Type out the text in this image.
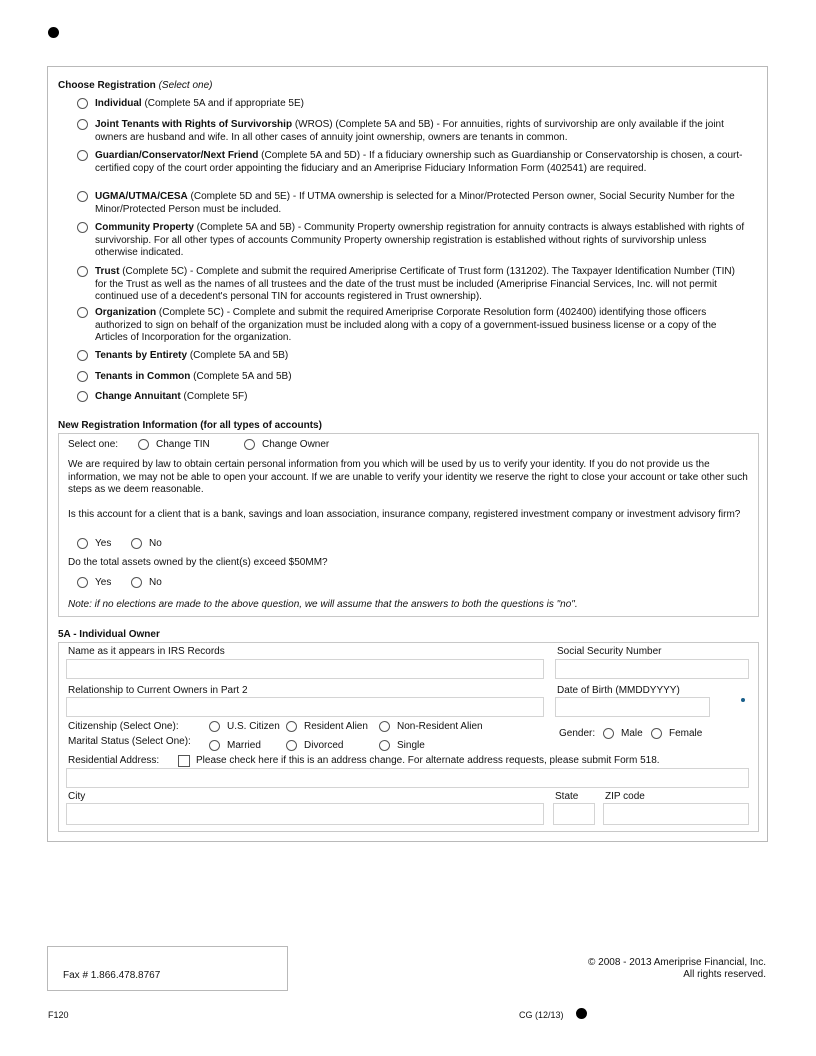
Choose Registration (Select one)
Individual (Complete 5A and if appropriate 5E)
Joint Tenants with Rights of Survivorship (WROS) (Complete 5A and 5B) - For annuities, rights of survivorship are only available if the joint owners are husband and wife. In all other cases of annuity joint ownership, owners are tenants in common.
Guardian/Conservator/Next Friend (Complete 5A and 5D) - If a fiduciary ownership such as Guardianship or Conservatorship is chosen, a court-certified copy of the court order appointing the fiduciary and an Ameriprise Fiduciary Information Form (402541) are required.
UGMA/UTMA/CESA (Complete 5D and 5E) - If UTMA ownership is selected for a Minor/Protected Person owner, Social Security Number for the Minor/Protected Person must be included.
Community Property (Complete 5A and 5B) - Community Property ownership registration for annuity contracts is always established with rights of survivorship. For all other types of accounts Community Property ownership registration is established without rights of survivorship unless otherwise indicated.
Trust (Complete 5C) - Complete and submit the required Ameriprise Certificate of Trust form (131202). The Taxpayer Identification Number (TIN) for the Trust as well as the names of all trustees and the date of the trust must be included (Ameriprise Financial Services, Inc. will not permit continued use of a decedent's personal TIN for accounts registered in Trust ownership).
Organization (Complete 5C) - Complete and submit the required Ameriprise Corporate Resolution form (402400) identifying those officers authorized to sign on behalf of the organization must be included along with a copy of a government-issued business license or a copy of the Articles of Incorporation for the organization.
Tenants by Entirety (Complete 5A and 5B)
Tenants in Common (Complete 5A and 5B)
Change Annuitant (Complete 5F)
New Registration Information (for all types of accounts)
Select one:	Change TIN	Change Owner
We are required by law to obtain certain personal information from you which will be used by us to verify your identity. If you do not provide us the information, we may not be able to open your account. If we are unable to verify your identity we reserve the right to close your account or take other such steps as we deem reasonable.
Is this account for a client that is a bank, savings and loan association, insurance company, registered investment company or investment advisory firm?
Yes	No
Do the total assets owned by the client(s) exceed $50MM?
Yes	No
Note: if no elections are made to the above question, we will assume that the answers to both the questions is "no".
5A - Individual Owner
Name as it appears in IRS Records	Social Security Number
Relationship to Current Owners in Part 2	Date of Birth (MMDDYYYY)
Citizenship (Select One):	U.S. Citizen Resident Alien	Non-Resident Alien
Marital Status (Select One):	Married	Divorced	Single
Gender:	Male	Female
Residential Address:	Please check here if this is an address change. For alternate address requests, please submit Form 518.
City	State	ZIP code
Fax # 1.866.478.8767
© 2008 - 2013 Ameriprise Financial, Inc.
All rights reserved.
F120	CG (12/13)
